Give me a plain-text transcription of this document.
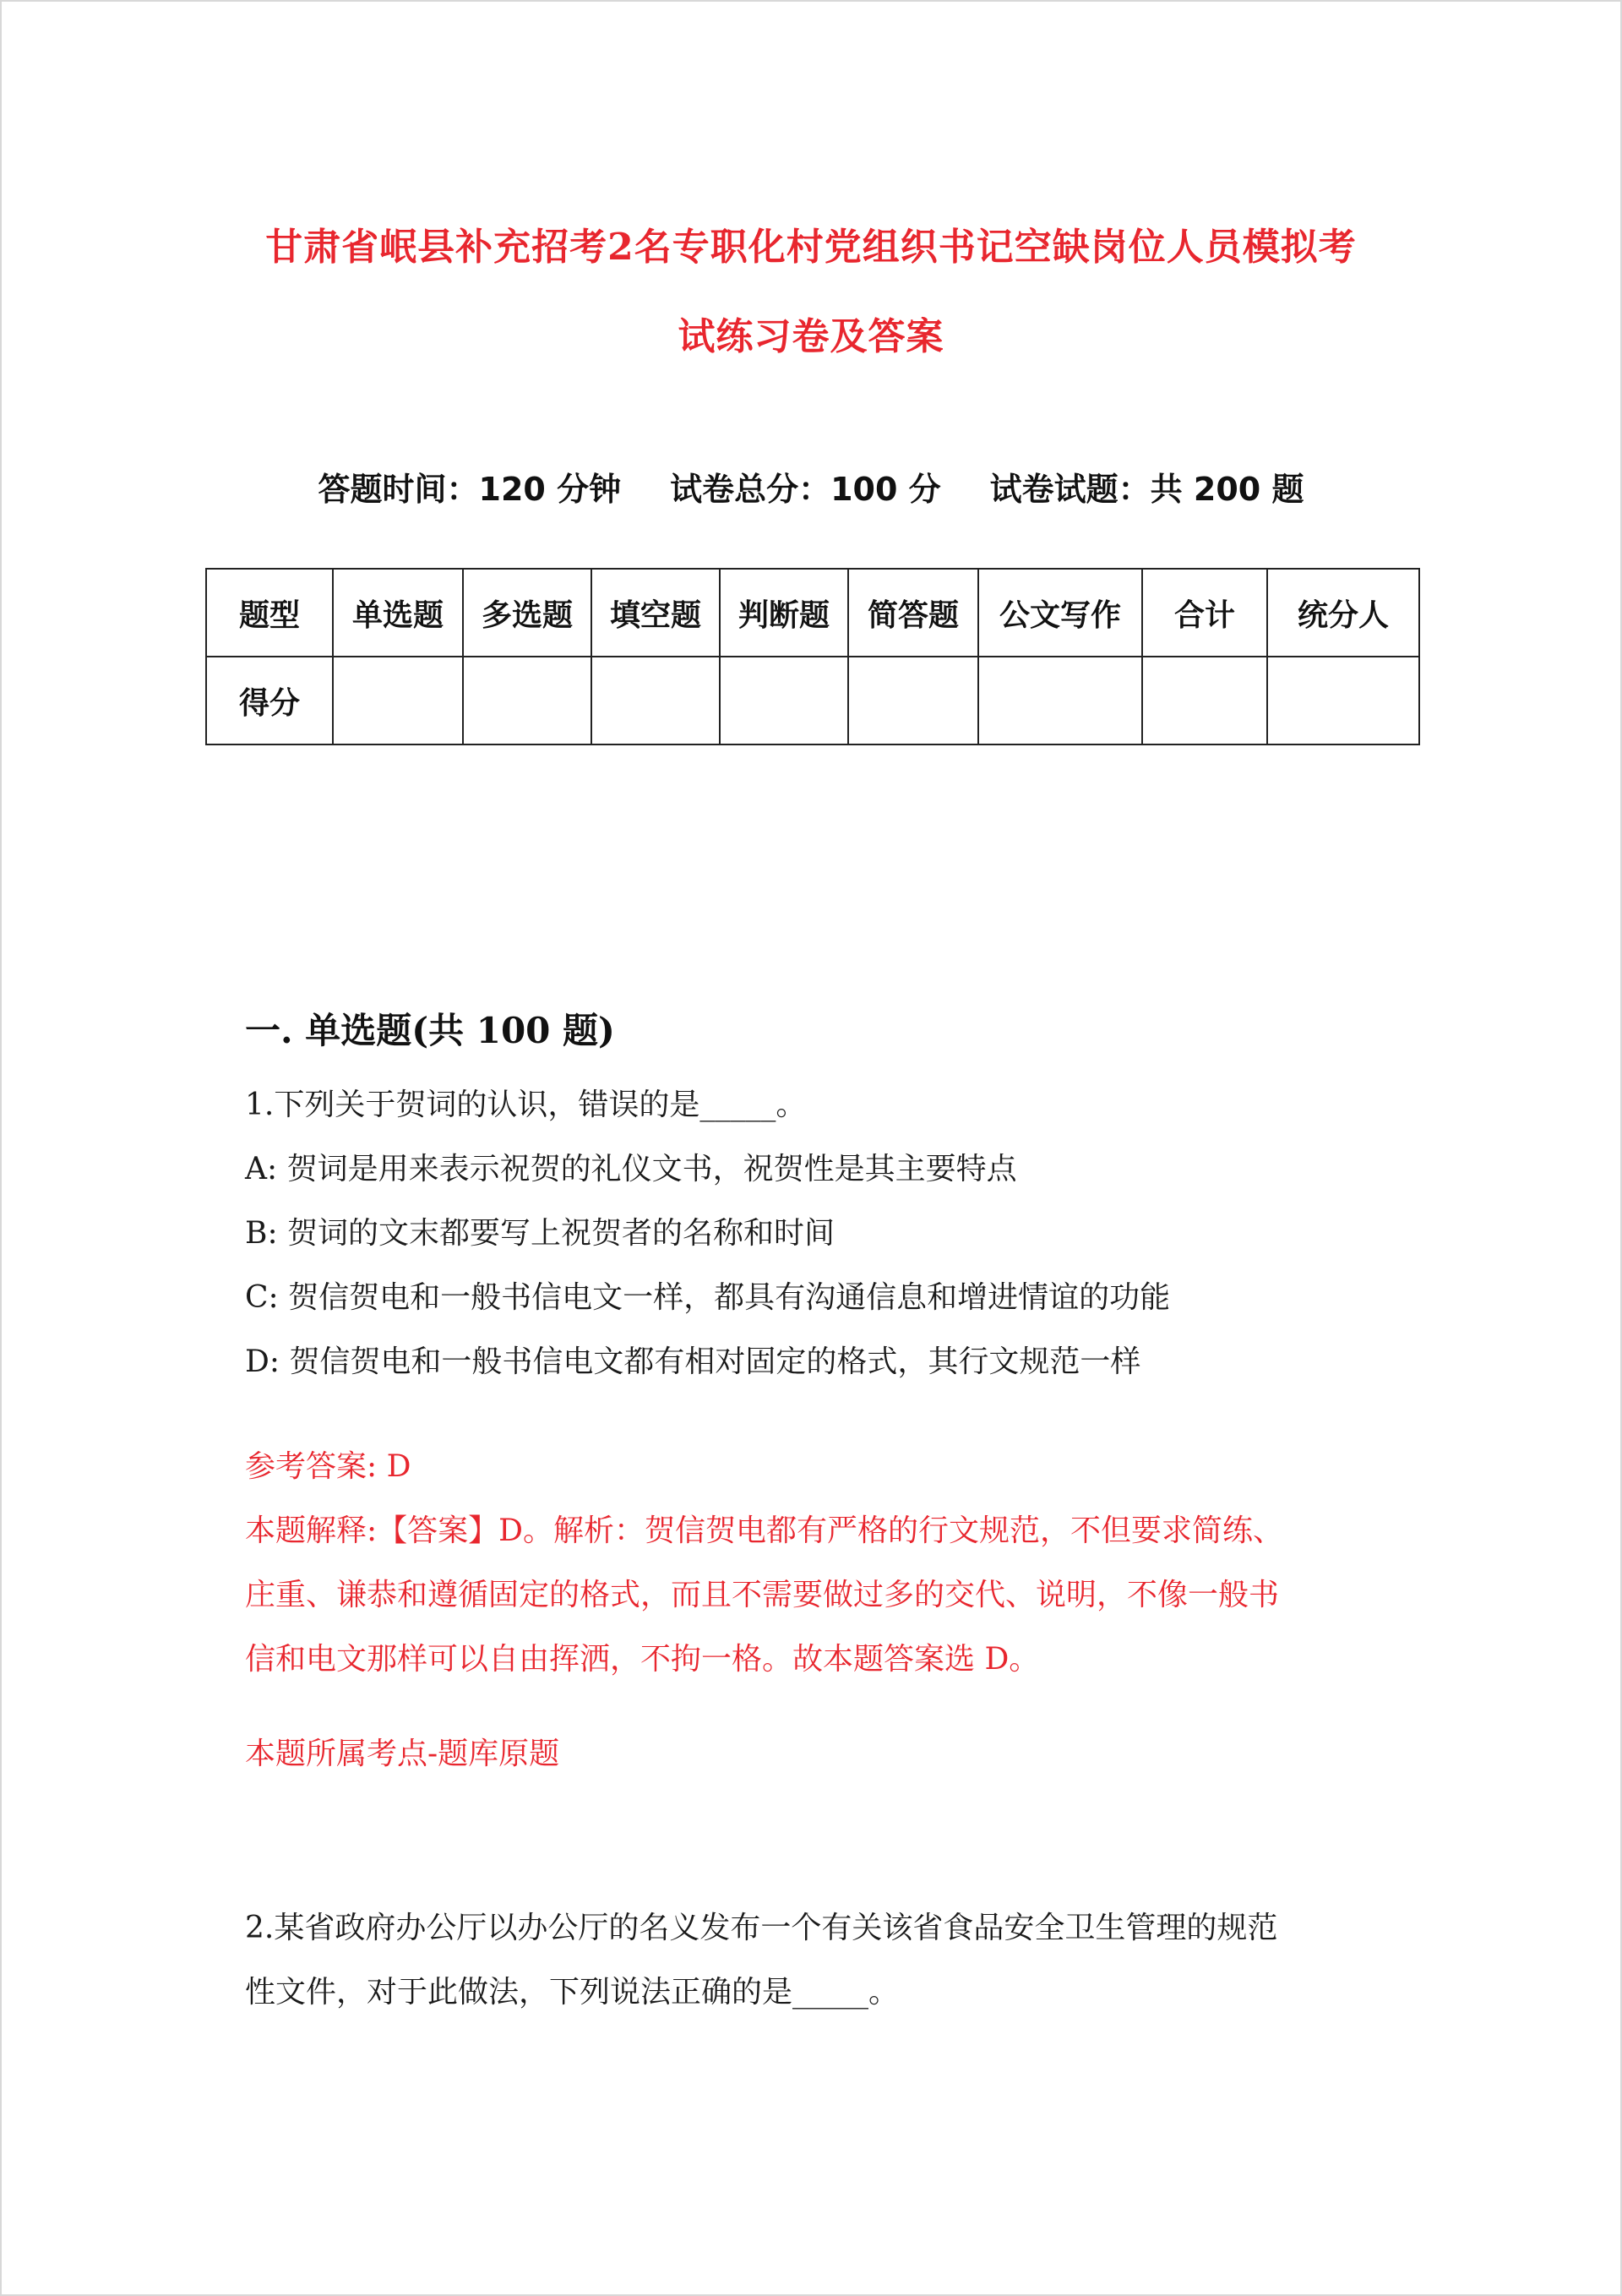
甘肃省岷县补充招考2名专职化村党组织书记空缺岗位人员模拟考
试练习卷及答案
答题时间：120 分钟 试卷总分：100 分 试卷试题：共 200 题
题型	单选题	多选题	填空题	判断题	简答题	公文写作	合计	统分人
得分								
一. 单选题(共 100 题)
1.下列关于贺词的认识，错误的是_____。
A: 贺词是用来表示祝贺的礼仪文书，祝贺性是其主要特点
B: 贺词的文末都要写上祝贺者的名称和时间
C: 贺信贺电和一般书信电文一样，都具有沟通信息和增进情谊的功能
D: 贺信贺电和一般书信电文都有相对固定的格式，其行文规范一样
参考答案: D
本题解释:【答案】D。解析：贺信贺电都有严格的行文规范，不但要求简练、
庄重、谦恭和遵循固定的格式，而且不需要做过多的交代、说明，不像一般书
信和电文那样可以自由挥洒，不拘一格。故本题答案选 D。
本题所属考点-题库原题
2.某省政府办公厅以办公厅的名义发布一个有关该省食品安全卫生管理的规范
性文件，对于此做法，下列说法正确的是_____。
